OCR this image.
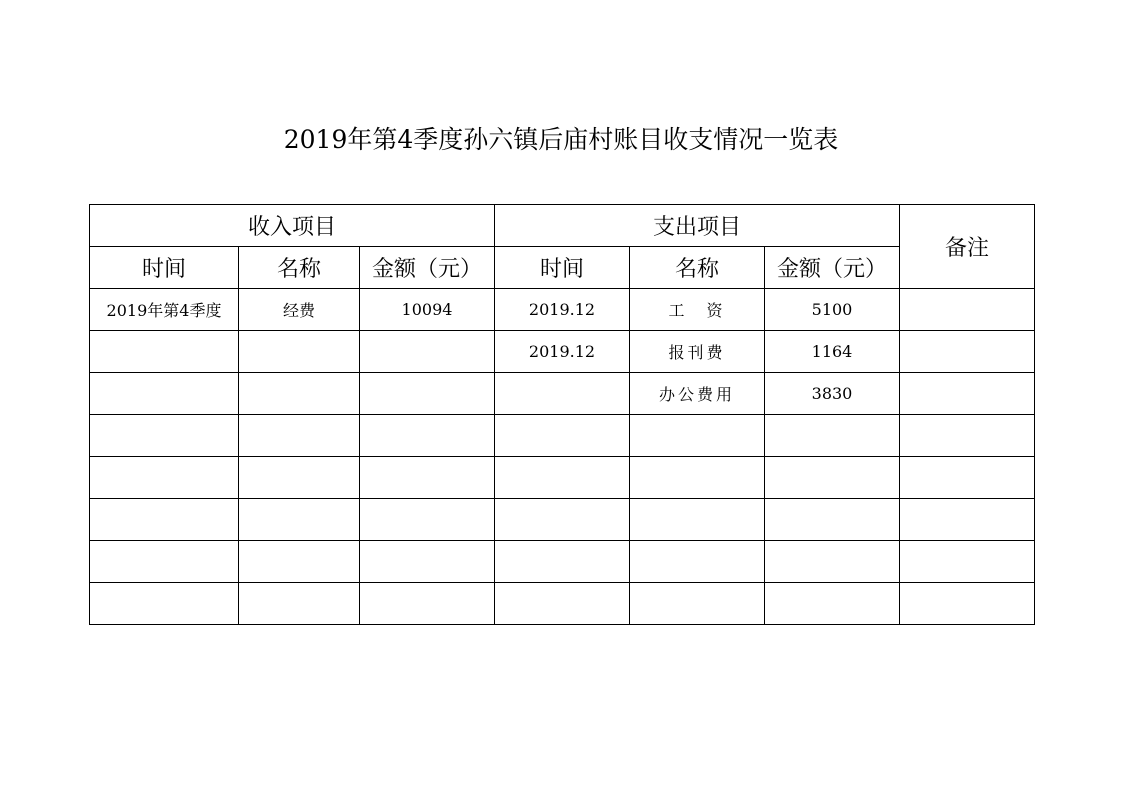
2019年第4季度孙六镇后庙村账目收支情况一览表
收入项目			支出项目			备注
时间	名称	金额（元）	时间	名称	金额（元）	
2019年第4季度	经费	10094	2019.12	工　资	5100	
			2019.12	报刊费	1164	
				办公费用	3830	
